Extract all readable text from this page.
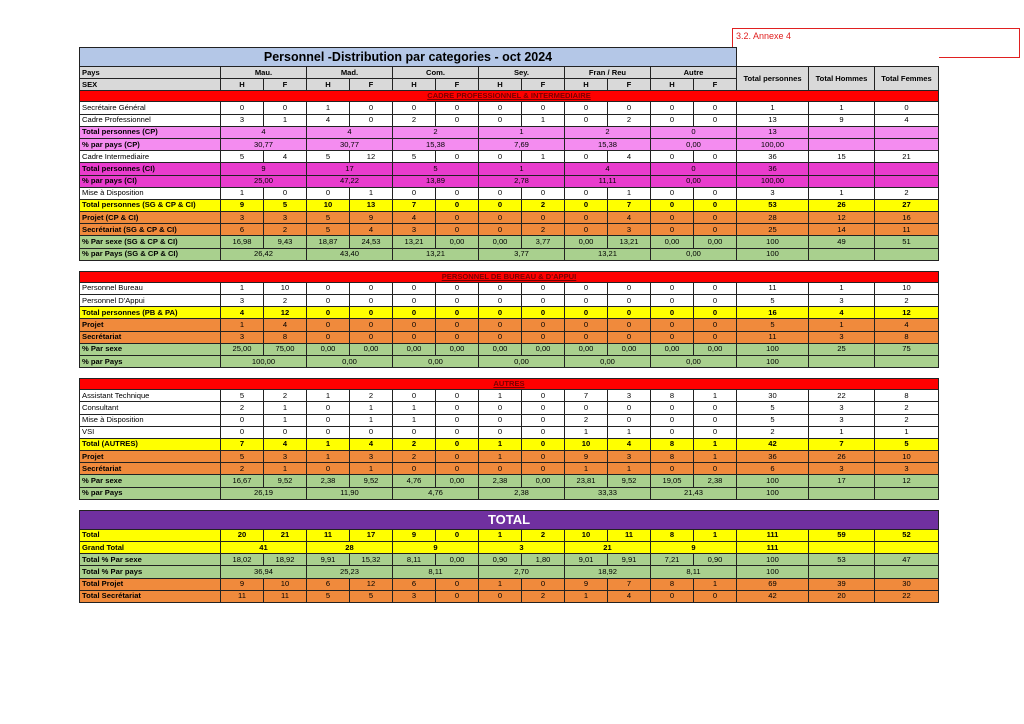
3.2. Annexe 4
Personnel -Distribution par categories - oct 2024															
Pays	Mau.		Mad.		Com.		Sey.		Fran / Reu		Autre		Total personnes	Total Hommes	Total Femmes
SEX	H	F	H	F	H	F	H	F	H	F	H	F			
CADRE PROFESSIONNEL & INTERMEDIAIRE															
Secrétaire Général	0	0	1	0	0	0	0	0	0	0	0	0	1	1	0
Cadre Professionnel	3	1	4	0	2	0	0	1	0	2	0	0	13	9	4
Total personnes (CP)	4		4		2		1		2		0		13		
% par pays (CP)	30,77		30,77		15,38		7,69		15,38		0,00		100,00		
Cadre Intermediaire	5	4	5	12	5	0	0	1	0	4	0	0	36	15	21
Total personnes (CI)	9		17		5		1		4		0		36		
% par pays (CI)	25,00		47,22		13,89		2,78		11,11		0,00		100,00		
Mise à Disposition	1	0	0	1	0	0	0	0	0	1	0	0	3	1	2
Total personnes (SG & CP & CI)	9	5	10	13	7	0	0	2	0	7	0	0	53	26	27
Projet (CP & CI)	3	3	5	9	4	0	0	0	0	4	0	0	28	12	16
Secrétariat (SG & CP & CI)	6	2	5	4	3	0	0	2	0	3	0	0	25	14	11
% Par sexe (SG & CP & CI)	16,98	9,43	18,87	24,53	13,21	0,00	0,00	3,77	0,00	13,21	0,00	0,00	100	49	51
% par Pays (SG & CP & CI)	26,42		43,40		13,21		3,77		13,21		0,00		100		

PERSONNEL DE BUREAU & D'APPUI															
Personnel Bureau	1	10	0	0	0	0	0	0	0	0	0	0	11	1	10
Personnel D'Appui	3	2	0	0	0	0	0	0	0	0	0	0	5	3	2
Total personnes (PB & PA)	4	12	0	0	0	0	0	0	0	0	0	0	16	4	12
Projet	1	4	0	0	0	0	0	0	0	0	0	0	5	1	4
Secrétariat	3	8	0	0	0	0	0	0	0	0	0	0	11	3	8
% Par sexe	25,00	75,00	0,00	0,00	0,00	0,00	0,00	0,00	0,00	0,00	0,00	0,00	100	25	75
% par Pays	100,00		0,00		0,00		0,00		0,00		0,00		100		

AUTRES															
Assistant Technique	5	2	1	2	0	0	1	0	7	3	8	1	30	22	8
Consultant	2	1	0	1	1	0	0	0	0	0	0	0	5	3	2
Mise à Disposition	0	1	0	1	1	0	0	0	2	0	0	0	5	3	2
VSI	0	0	0	0	0	0	0	0	1	1	0	0	2	1	1
Total (AUTRES)	7	4	1	4	2	0	1	0	10	4	8	1	42	7	5
Projet	5	3	1	3	2	0	1	0	9	3	8	1	36	26	10
Secrétariat	2	1	0	1	0	0	0	0	1	1	0	0	6	3	3
% Par sexe	16,67	9,52	2,38	9,52	4,76	0,00	2,38	0,00	23,81	9,52	19,05	2,38	100	17	12
% par Pays	26,19		11,90		4,76		2,38		33,33		21,43		100		

TOTAL															
Total	20	21	11	17	9	0	1	2	10	11	8	1	111	59	52
Grand Total	41		28		9		3		21		9		111		
Total % Par sexe	18,02	18,92	9,91	15,32	8,11	0,00	0,90	1,80	9,01	9,91	7,21	0,90	100	53	47
Total % Par pays	36,94		25,23		8,11		2,70		18,92		8,11		100		
Total Projet	9	10	6	12	6	0	1	0	9	7	8	1	69	39	30
Total Secrétariat	11	11	5	5	3	0	0	2	1	4	0	0	42	20	22
